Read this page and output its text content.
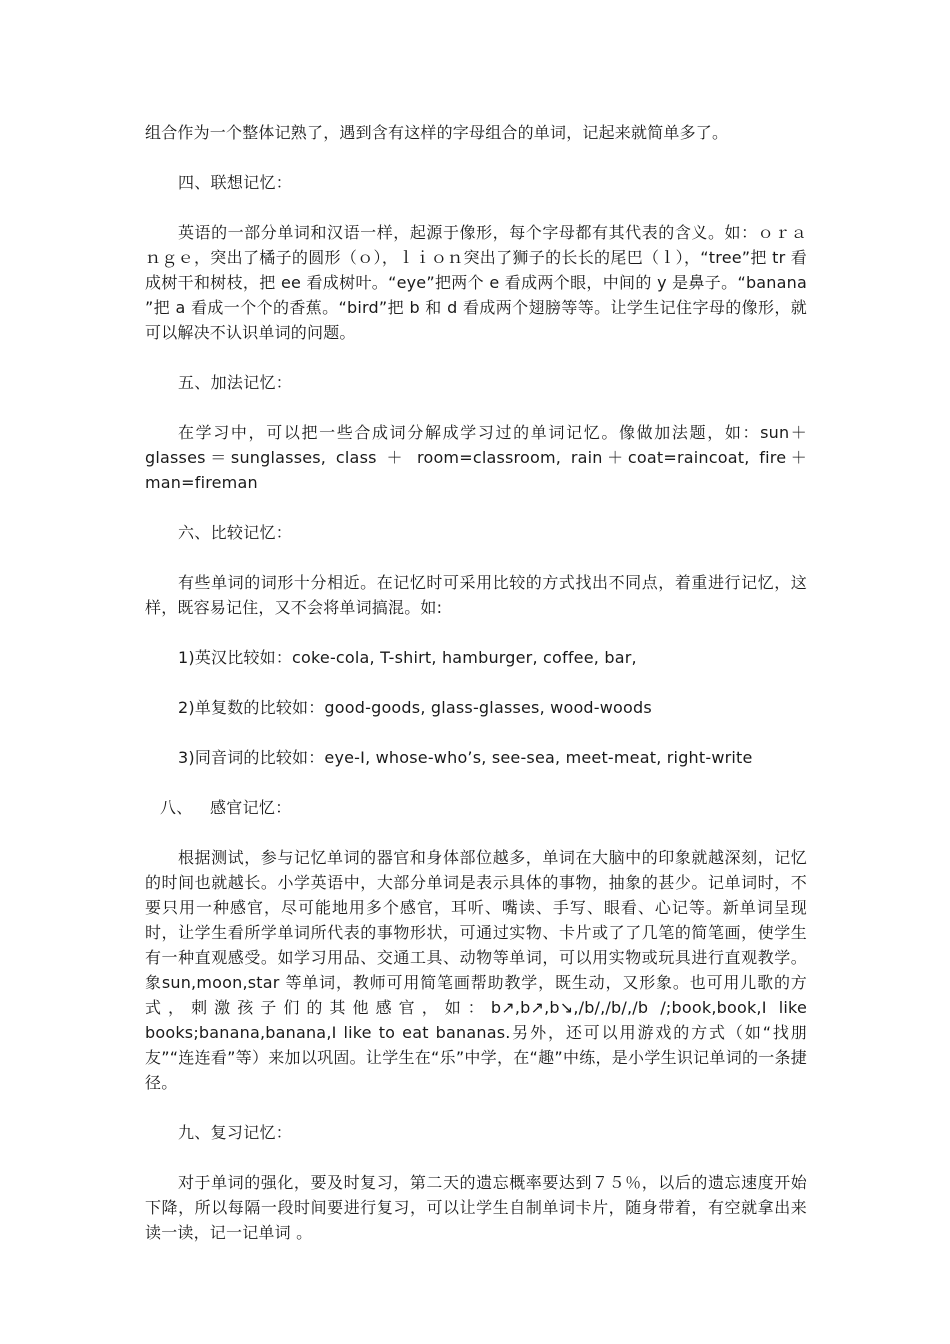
组合作为一个整体记熟了，遇到含有这样的字母组合的单词，记起来就简单多了。

四、联想记忆：

英语的一部分单词和汉语一样，起源于像形，每个字母都有其代表的含义。如：ｏｒａｎｇｅ，突出了橘子的圆形（ｏ），ｌｉｏｎ突出了狮子的长长的尾巴（ｌ），“tree”把 tr 看成树干和树枝，把 ee 看成树叶。“eye”把两个 e 看成两个眼，中间的 y 是鼻子。“banana ”把 a 看成一个个的香蕉。“bird”把 b 和 d 看成两个翅膀等等。让学生记住字母的像形，就可以解决不认识单词的问题。

五、加法记忆：

在学习中，可以把一些合成词分解成学习过的单词记忆。像做加法题，如：sun＋glasses＝sunglasses, class ＋ room=classroom, rain＋coat=raincoat, fire＋man=fireman

六、比较记忆：

有些单词的词形十分相近。在记忆时可采用比较的方式找出不同点，着重进行记忆，这样，既容易记住，又不会将单词搞混。如:

1)英汉比较如：coke-cola, T-shirt, hamburger, coffee, bar,
2)单复数的比较如：good-goods, glass-glasses, wood-woods
3)同音词的比较如：eye-I, whose-who’s, see-sea, meet-meat, right-write
八、 感官记忆：

根据测试，参与记忆单词的器官和身体部位越多，单词在大脑中的印象就越深刻，记忆的时间也就越长。小学英语中，大部分单词是表示具体的事物，抽象的甚少。记单词时，不要只用一种感官，尽可能地用多个感官，耳听、嘴读、手写、眼看、心记等。新单词呈现时，让学生看所学单词所代表的事物形状，可通过实物、卡片或了了几笔的简笔画，使学生有一种直观感受。如学习用品、交通工具、动物等单词，可以用实物或玩具进行直观教学。象sun,moon,star 等单词，教师可用简笔画帮助教学，既生动，又形象。也可用儿歌的方式，刺激孩子们的其他感官，如：b↗,b↗,b↘,/b/,/b/,/b /;book,book,I like books;banana,banana,I like to eat bananas.另外，还可以用游戏的方式（如“找朋友”“连连看”等）来加以巩固。让学生在“乐”中学，在“趣”中练，是小学生识记单词的一条捷径。

九、复习记忆：

对于单词的强化，要及时复习，第二天的遗忘概率要达到７５％，以后的遗忘速度开始下降，所以每隔一段时间要进行复习，可以让学生自制单词卡片，随身带着，有空就拿出来读一读，记一记单词 。
